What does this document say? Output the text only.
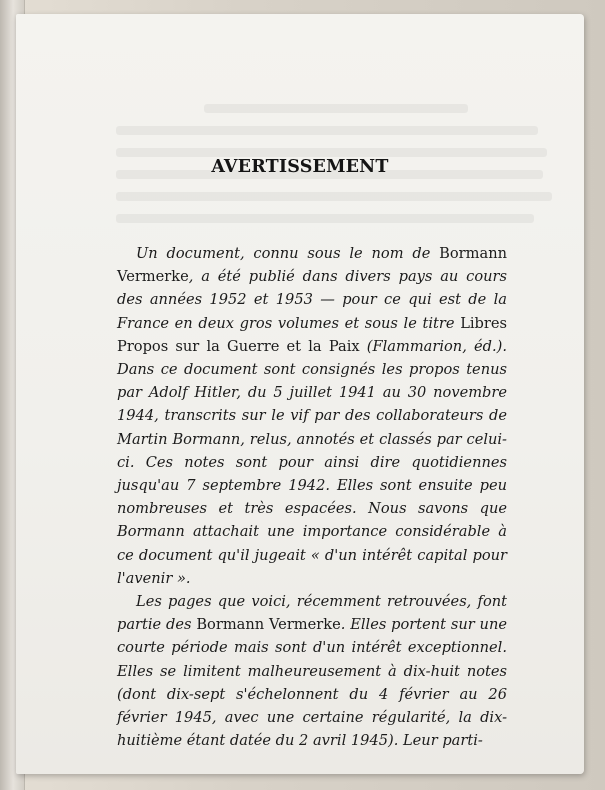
AVERTISSEMENT

Un document, connu sous le nom de Bormann Vermerke, a été publié dans divers pays au cours des années 1952 et 1953 — pour ce qui est de la France en deux gros volumes et sous le titre Libres Propos sur la Guerre et la Paix (Flammarion, éd.). Dans ce document sont consignés les propos tenus par Adolf Hitler, du 5 juillet 1941 au 30 novembre 1944, transcrits sur le vif par des collaborateurs de Martin Bormann, relus, annotés et classés par celui-ci. Ces notes sont pour ainsi dire quotidiennes jusqu'au 7 septembre 1942. Elles sont ensuite peu nombreuses et très espacées. Nous savons que Bormann attachait une importance considérable à ce document qu'il jugeait « d'un intérêt capital pour l'avenir ».

Les pages que voici, récemment retrouvées, font partie des Bormann Vermerke. Elles portent sur une courte période mais sont d'un intérêt exceptionnel. Elles se limitent malheureusement à dix-huit notes (dont dix-sept s'échelonnent du 4 février au 26 février 1945, avec une certaine régularité, la dix-huitième étant datée du 2 avril 1945). Leur parti-
